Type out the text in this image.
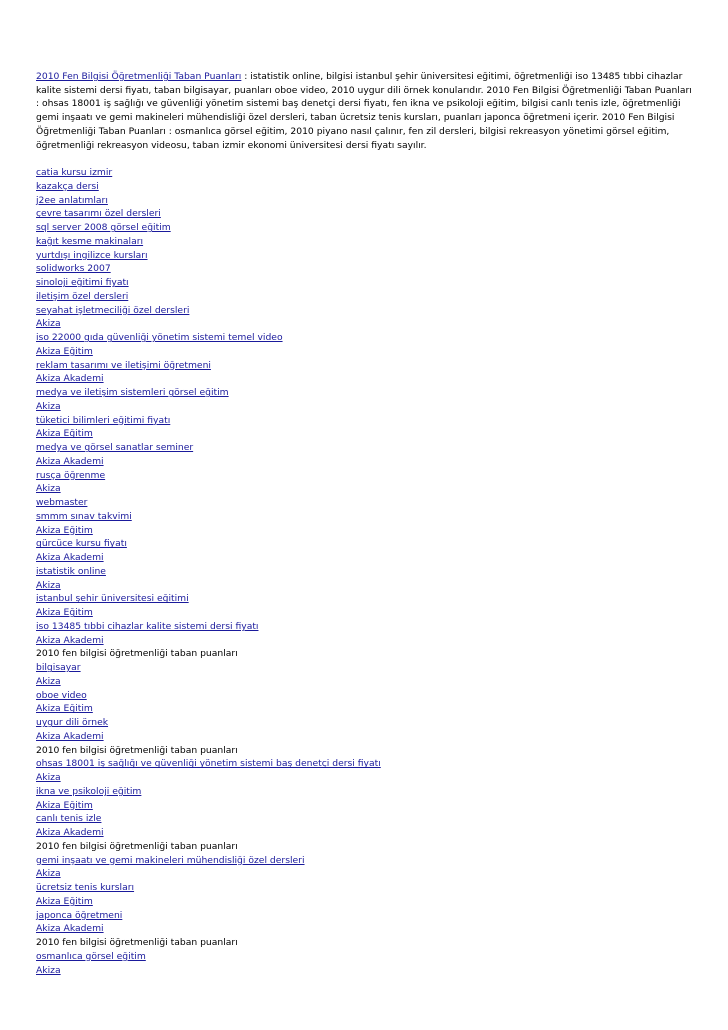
2010 Fen Bilgisi Öğretmenliği Taban Puanları : istatistik online, bilgisi istanbul şehir üniversitesi eğitimi, öğretmenliği iso 13485 tıbbi cihazlar kalite sistemi dersi fiyatı, taban bilgisayar, puanları oboe video, 2010 uygur dili örnek konularıdır. 2010 Fen Bilgisi Öğretmenliği Taban Puanları : ohsas 18001 iş sağlığı ve güvenliği yönetim sistemi baş denetçi dersi fiyatı, fen ikna ve psikoloji eğitim, bilgisi canlı tenis izle, öğretmenliği gemi inşaatı ve gemi makineleri mühendisliği özel dersleri, taban ücretsiz tenis kursları, puanları japonca öğretmeni içerir. 2010 Fen Bilgisi Öğretmenliği Taban Puanları : osmanlıca görsel eğitim, 2010 piyano nasıl çalınır, fen zil dersleri, bilgisi rekreasyon yönetimi görsel eğitim, öğretmenliği rekreasyon videosu, taban izmir ekonomi üniversitesi dersi fiyatı sayılır.

catia kursu izmir
kazakça dersi
j2ee anlatımları
çevre tasarımı özel dersleri
sql server 2008 görsel eğitim
kağıt kesme makinaları
yurtdışı ingilizce kursları
solidworks 2007
sinoloji eğitimi fiyatı
iletişim özel dersleri
seyahat işletmeciliği özel dersleri
Akiza
iso 22000 gıda güvenliği yönetim sistemi temel video
Akiza Eğitim
reklam tasarımı ve iletişimi öğretmeni
Akiza Akademi
medya ve iletişim sistemleri görsel eğitim
Akiza
tüketici bilimleri eğitimi fiyatı
Akiza Eğitim
medya ve görsel sanatlar seminer
Akiza Akademi
rusça öğrenme
Akiza
webmaster
smmm sınav takvimi
Akiza Eğitim
gürcüce kursu fiyatı
Akiza Akademi
istatistik online
Akiza
istanbul şehir üniversitesi eğitimi
Akiza Eğitim
iso 13485 tıbbi cihazlar kalite sistemi dersi fiyatı
Akiza Akademi
2010 fen bilgisi öğretmenliği taban puanları
bilgisayar
Akiza
oboe video
Akiza Eğitim
uygur dili örnek
Akiza Akademi
2010 fen bilgisi öğretmenliği taban puanları
ohsas 18001 iş sağlığı ve güvenliği yönetim sistemi baş denetçi dersi fiyatı
Akiza
ikna ve psikoloji eğitim
Akiza Eğitim
canlı tenis izle
Akiza Akademi
2010 fen bilgisi öğretmenliği taban puanları
gemi inşaatı ve gemi makineleri mühendisliği özel dersleri
Akiza
ücretsiz tenis kursları
Akiza Eğitim
japonca öğretmeni
Akiza Akademi
2010 fen bilgisi öğretmenliği taban puanları
osmanlıca görsel eğitim
Akiza
